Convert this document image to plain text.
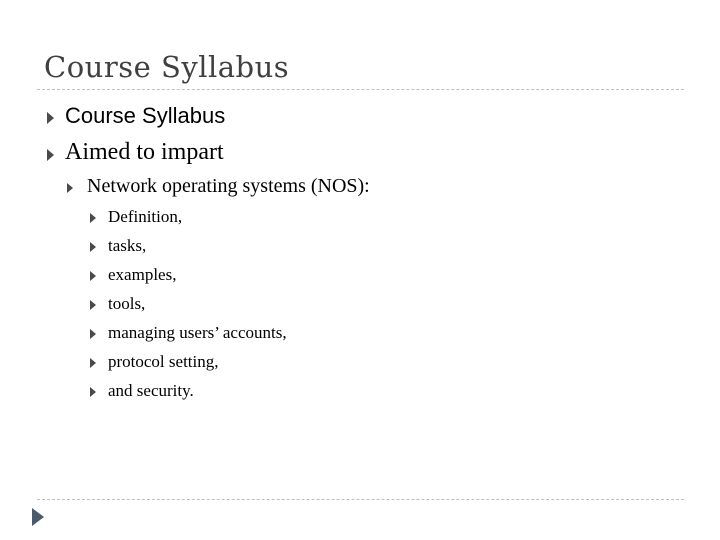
Course Syllabus
Course Syllabus
Aimed to impart
Network operating systems (NOS):
Definition,
tasks,
examples,
tools,
managing users’ accounts,
protocol setting,
and security.
